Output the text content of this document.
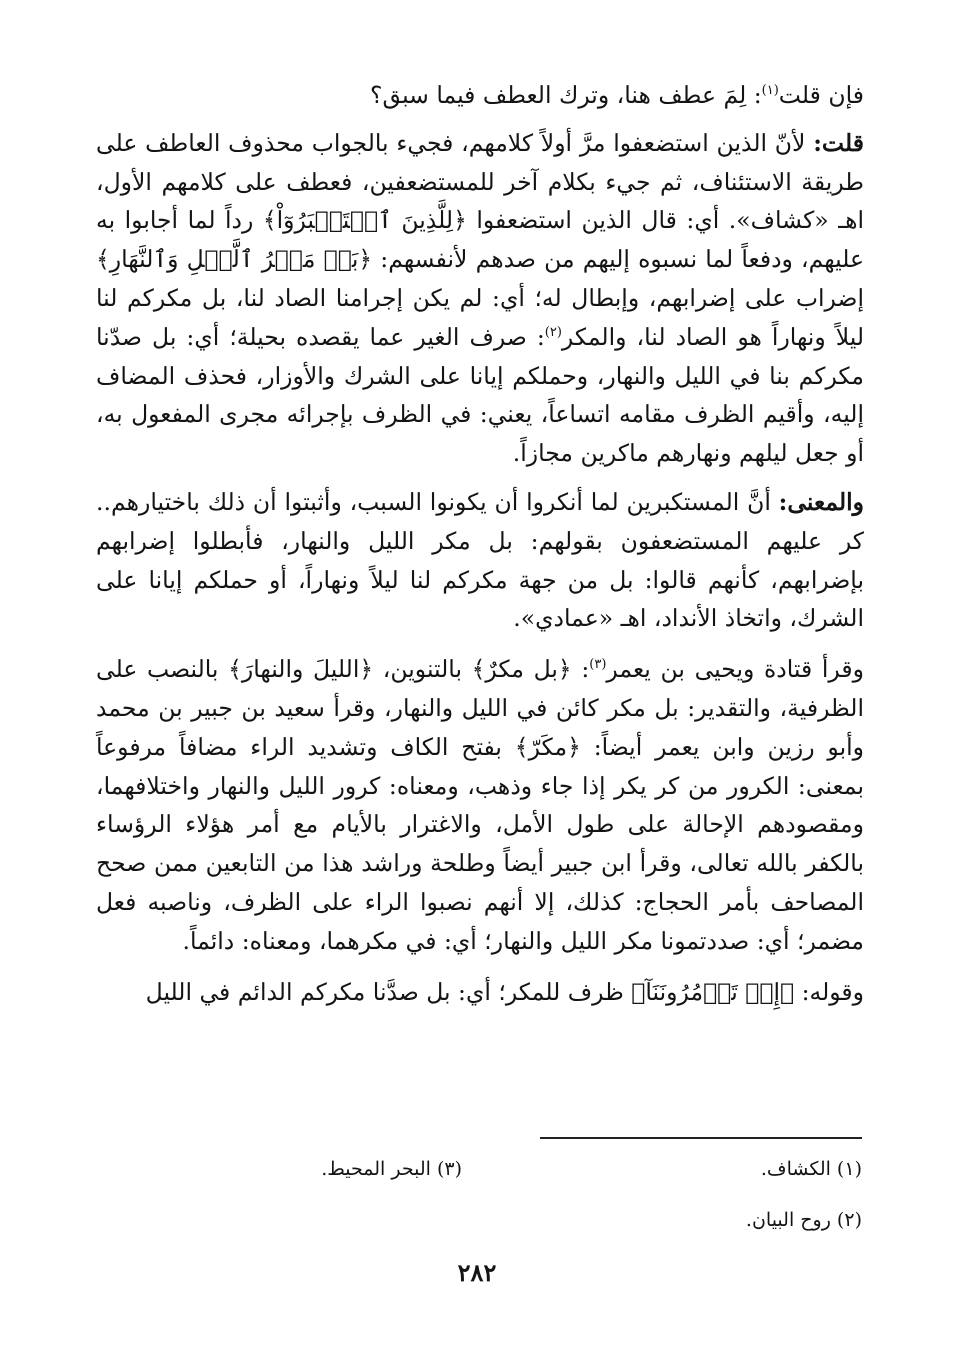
فإن قلت$^{(١)}$: لِمَ عطف هنا، وترك العطف فيما سبق؟

قلت: لأنّ الذين استضعفوا مرَّ أولاً كلامهم، فجيء بالجواب محذوف العاطف على طريقة الاستئناف، ثم جيء بكلام آخر للمستضعفين، فعطف على كلامهم الأول، اهـ «كشاف». أي: قال الذين استضعفوا ﴿لِلَّذِينَ ٱسۡتَكۡبَرُوٓاْ﴾ رداً لما أجابوا به عليهم، ودفعاً لما نسبوه إليهم من صدهم لأنفسهم: ﴿بَلۡ مَكۡرُ ٱلَّيۡلِ وَٱلنَّهَارِ﴾ إضراب على إضرابهم، وإبطال له؛ أي: لم يكن إجرامنا الصاد لنا، بل مكركم لنا ليلاً ونهاراً هو الصاد لنا، والمكر$^{(٢)}$: صرف الغير عما يقصده بحيلة؛ أي: بل صدّنا مكركم بنا في الليل والنهار، وحملكم إيانا على الشرك والأوزار، فحذف المضاف إليه، وأقيم الظرف مقامه اتساعاً، يعني: في الظرف بإجرائه مجرى المفعول به، أو جعل ليلهم ونهارهم ماكرين مجازاً.

والمعنى: أنَّ المستكبرين لما أنكروا أن يكونوا السبب، وأثبتوا أن ذلك باختيارهم.. كر عليهم المستضعفون بقولهم: بل مكر الليل والنهار، فأبطلوا إضرابهم بإضرابهم، كأنهم قالوا: بل من جهة مكركم لنا ليلاً ونهاراً، أو حملكم إيانا على الشرك، واتخاذ الأنداد، اهـ «عمادي».

وقرأ قتادة ويحيى بن يعمر$^{(٣)}$: ﴿بل مكرٌ﴾ بالتنوين، ﴿الليلَ والنهارَ﴾ بالنصب على الظرفية، والتقدير: بل مكر كائن في الليل والنهار، وقرأ سعيد بن جبير بن محمد وأبو رزين وابن يعمر أيضاً: ﴿مكَرّ﴾ بفتح الكاف وتشديد الراء مضافاً مرفوعاً بمعنى: الكرور من كر يكر إذا جاء وذهب، ومعناه: كرور الليل والنهار واختلافهما، ومقصودهم الإحالة على طول الأمل، والاغترار بالأيام مع أمر هؤلاء الرؤساء بالكفر بالله تعالى، وقرأ ابن جبير أيضاً وطلحة وراشد هذا من التابعين ممن صحح المصاحف بأمر الحجاج: كذلك، إلا أنهم نصبوا الراء على الظرف، وناصبه فعل مضمر؛ أي: صددتمونا مكر الليل والنهار؛ أي: في مكرهما، ومعناه: دائماً.

وقوله: ﴿إِذۡ تَأۡمُرُونَنَآ﴾ ظرف للمكر؛ أي: بل صدَّنا مكركم الدائم في الليل

(١) الكشاف.
(٢) روح البيان.
(٣) البحر المحيط.
٢٨٢
